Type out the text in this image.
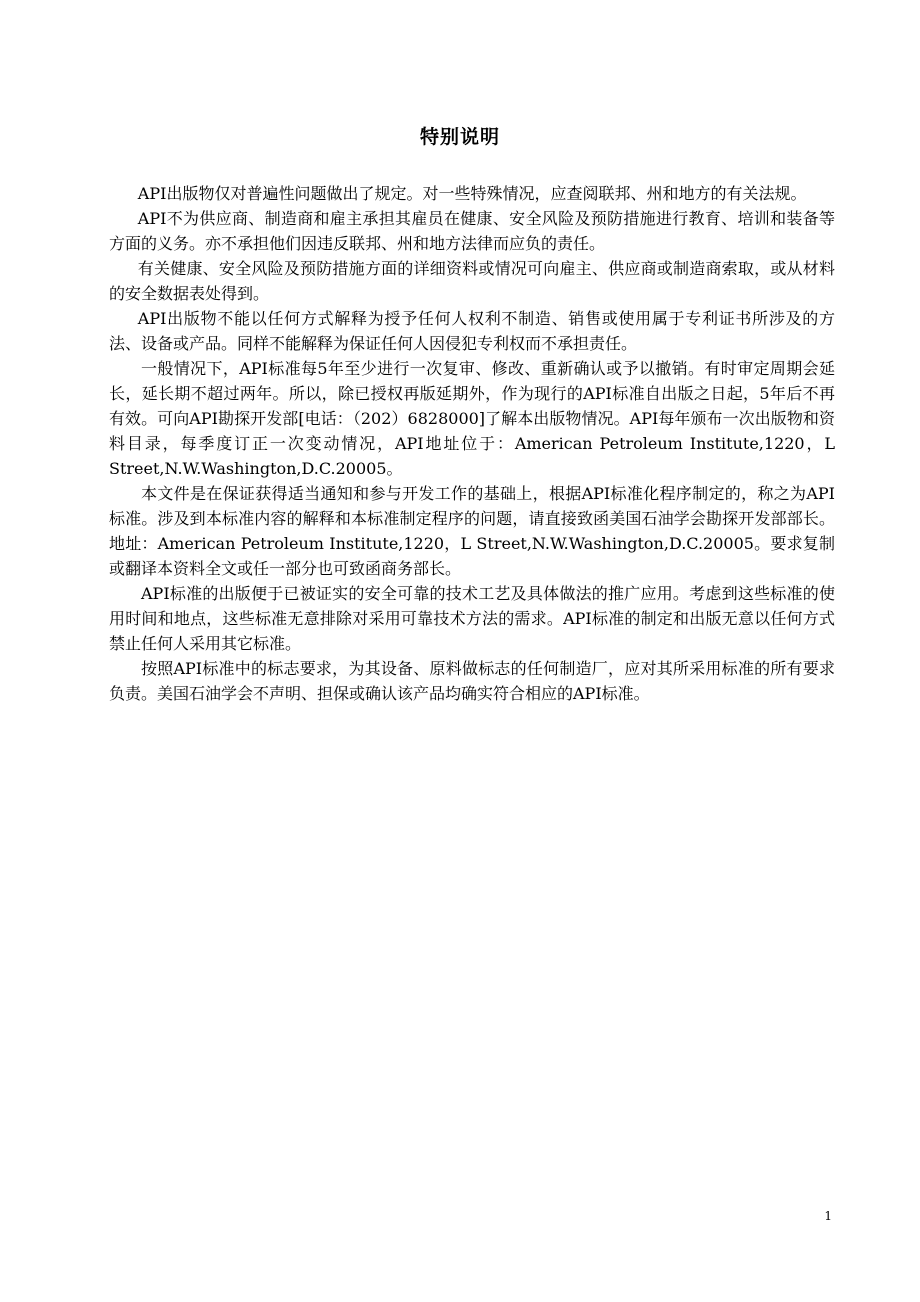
特别说明

API出版物仅对普遍性问题做出了规定。对一些特殊情况，应查阅联邦、州和地方的有关法规。

API不为供应商、制造商和雇主承担其雇员在健康、安全风险及预防措施进行教育、培训和装备等方面的义务。亦不承担他们因违反联邦、州和地方法律而应负的责任。

有关健康、安全风险及预防措施方面的详细资料或情况可向雇主、供应商或制造商索取，或从材料的安全数据表处得到。

API出版物不能以任何方式解释为授予任何人权利不制造、销售或使用属于专利证书所涉及的方法、设备或产品。同样不能解释为保证任何人因侵犯专利权而不承担责任。

一般情况下，API标准每5年至少进行一次复审、修改、重新确认或予以撤销。有时审定周期会延长，延长期不超过两年。所以，除已授权再版延期外，作为现行的API标准自出版之日起，5年后不再有效。可向API勘探开发部[电话：（202）6828000]了解本出版物情况。API每年颁布一次出版物和资料目录，每季度订正一次变动情况，API地址位于：American Petroleum Institute,1220，L Street,N.W.Washington,D.C.20005。

本文件是在保证获得适当通知和参与开发工作的基础上，根据API标准化程序制定的，称之为API标准。涉及到本标准内容的解释和本标准制定程序的问题，请直接致函美国石油学会勘探开发部部长。 地址：American Petroleum Institute,1220，L Street,N.W.Washington,D.C.20005。要求复制或翻译本资料全文或任一部分也可致函商务部长。

API标准的出版便于已被证实的安全可靠的技术工艺及具体做法的推广应用。考虑到这些标准的使用时间和地点，这些标准无意排除对采用可靠技术方法的需求。API标准的制定和出版无意以任何方式禁止任何人采用其它标准。

按照API标准中的标志要求，为其设备、原料做标志的任何制造厂，应对其所采用标准的所有要求负责。美国石油学会不声明、担保或确认该产品均确实符合相应的API标准。

1
